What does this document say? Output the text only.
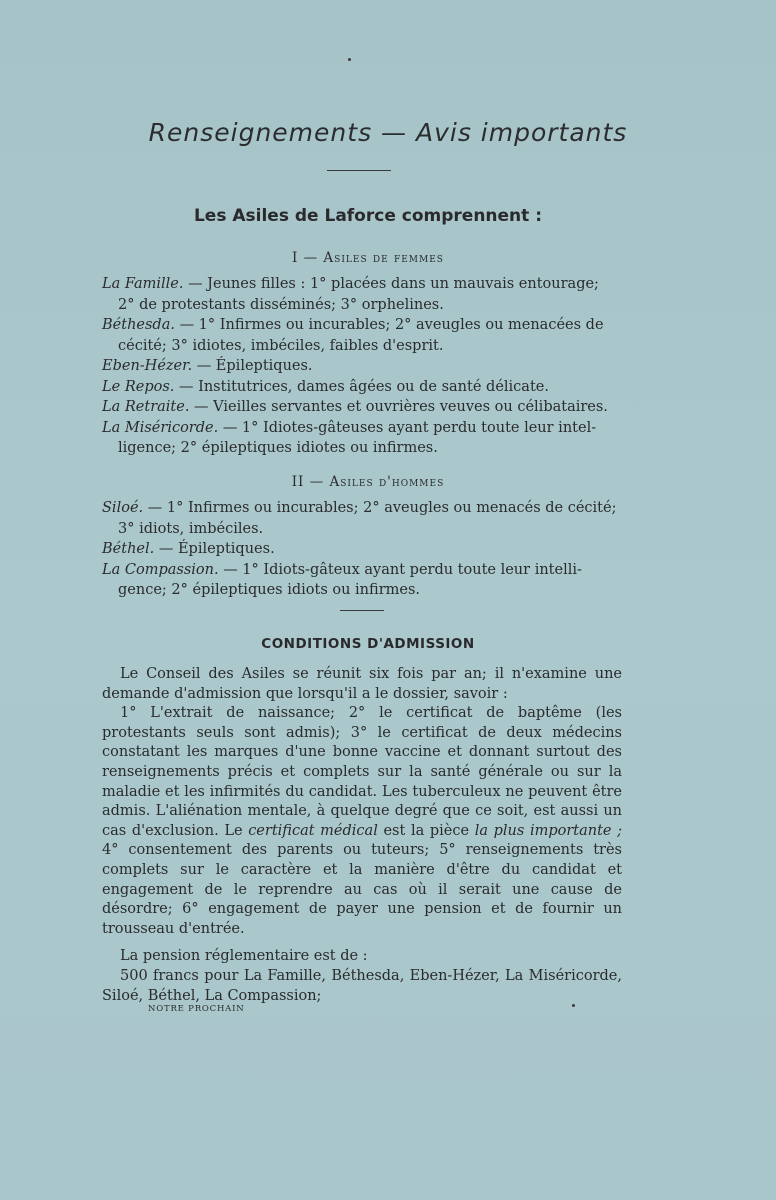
Renseignements — Avis importants
Les Asiles de Laforce comprennent :
I — Asiles de femmes

La Famille. — Jeunes filles : 1° placées dans un mauvais entourage;
2° de protestants disséminés; 3° orphelines.

Béthesda. — 1° Infirmes ou incurables; 2° aveugles ou menacées de
cécité; 3° idiotes, imbéciles, faibles d'esprit.

Eben-Hézer. — Épileptiques.

Le Repos. — Institutrices, dames âgées ou de santé délicate.

La Retraite. — Vieilles servantes et ouvrières veuves ou célibataires.

La Miséricorde. — 1° Idiotes-gâteuses ayant perdu toute leur intel-
ligence; 2° épileptiques idiotes ou infirmes.

II — Asiles d'hommes

Siloé. — 1° Infirmes ou incurables; 2° aveugles ou menacés de cécité;
3° idiots, imbéciles.

Béthel. — Épileptiques.

La Compassion. — 1° Idiots-gâteux ayant perdu toute leur intelli-
gence; 2° épileptiques idiots ou infirmes.

CONDITIONS D'ADMISSION

Le Conseil des Asiles se réunit six fois par an; il n'examine une demande d'admission que lorsqu'il a le dossier, savoir :

1° L'extrait de naissance; 2° le certificat de baptême (les protestants seuls sont admis); 3° le certificat de deux médecins constatant les marques d'une bonne vaccine et donnant surtout des renseignements précis et complets sur la santé générale ou sur la maladie et les infirmités du candidat. Les tuberculeux ne peuvent être admis. L'aliénation mentale, à quelque degré que ce soit, est aussi un cas d'exclusion. Le certificat médical est la pièce la plus importante ; 4° consentement des parents ou tuteurs; 5° renseignements très complets sur le caractère et la manière d'être du candidat et engagement de le reprendre au cas où il serait une cause de désordre; 6° engagement de payer une pension et de fournir un trousseau d'entrée.

La pension réglementaire est de :

500 francs pour La Famille, Béthesda, Eben-Hézer, La Miséricorde, Siloé, Béthel, La Compassion;

NOTRE PROCHAIN
